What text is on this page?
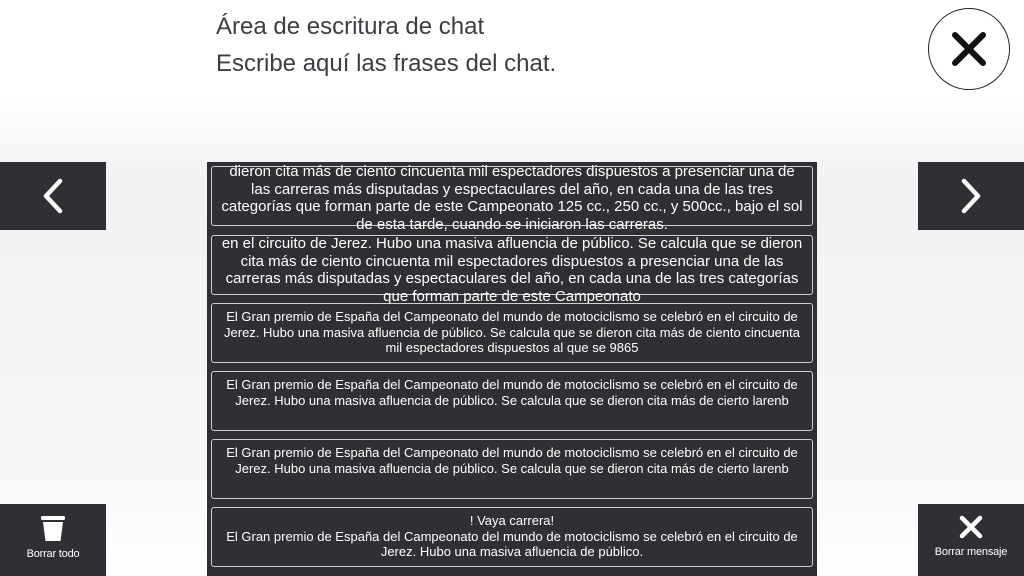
Área de escritura de chat
Escribe aquí las frases del chat.
dieron cita más de ciento cincuenta mil espectadores dispuestos a presenciar una de las carreras más disputadas y espectaculares del año, en cada una de las tres categorías que forman parte de este Campeonato 125 cc., 250 cc., y 500cc., bajo el sol de esta tarde, cuando se iniciaron las carreras.
en el circuito de Jerez. Hubo una masiva afluencia de público. Se calcula que se dieron cita más de ciento cincuenta mil espectadores dispuestos a presenciar una de las carreras más disputadas y espectaculares del año, en cada una de las tres categorías que forman parte de este Campeonato
El Gran premio de España del Campeonato del mundo de motociclismo se celebró en el circuito de Jerez. Hubo una masiva afluencia de público. Se calcula que se dieron cita más de ciento cincuenta mil espectadores dispuestos al que se 9865
El Gran premio de España del Campeonato del mundo de motociclismo se celebró en el circuito de Jerez. Hubo una masiva afluencia de público. Se calcula que se dieron cita más de cierto larenb
El Gran premio de España del Campeonato del mundo de motociclismo se celebró en el circuito de Jerez. Hubo una masiva afluencia de público. Se calcula que se dieron cita más de cierto larenb
! Vaya carrera!
El Gran premio de España del Campeonato del mundo de motociclismo se celebró en el circuito de Jerez. Hubo una masiva afluencia de público.
Borrar todo	Borrar mensaje
